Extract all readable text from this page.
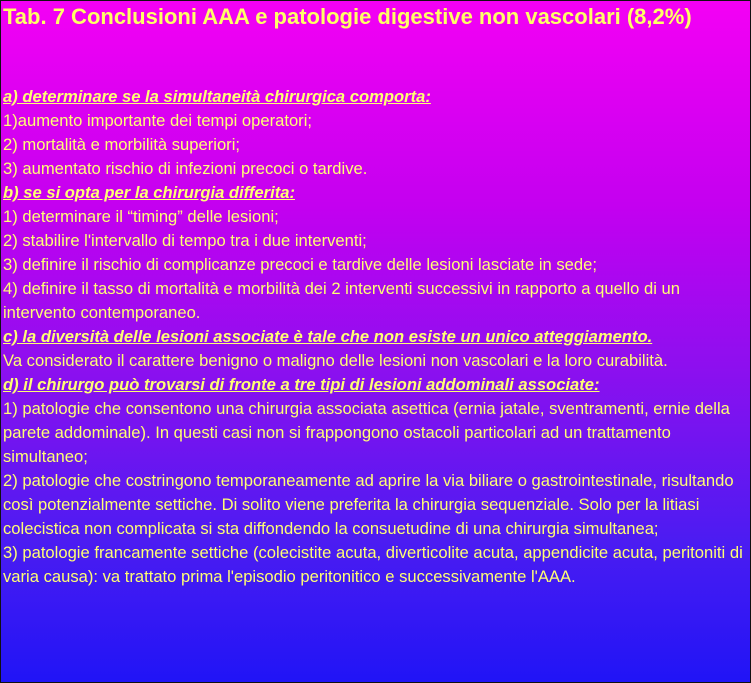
Tab. 7 Conclusioni AAA e patologie digestive non vascolari (8,2%)

a) determinare se la simultaneità chirurgica comporta:

1)aumento importante dei tempi operatori;

2) mortalità e morbilità superiori;

3) aumentato rischio di infezioni precoci o tardive.

b) se si opta per la chirurgia differita:

1) determinare il “timing” delle lesioni;

2) stabilire l'intervallo di tempo tra i due interventi;

3) definire il rischio di complicanze precoci e tardive delle lesioni lasciate in sede;

4) definire il tasso di mortalità e morbilità dei 2 interventi successivi in rapporto a quello di un intervento contemporaneo.

c) la diversità delle lesioni associate è tale che non esiste un unico atteggiamento.

Va considerato il carattere benigno o maligno delle lesioni non vascolari e la loro curabilità.

d) il chirurgo può trovarsi di fronte a tre tipi di lesioni addominali associate:

1) patologie che consentono una chirurgia associata asettica (ernia jatale, sventramenti, ernie della parete addominale). In questi casi non si frappongono ostacoli particolari ad un trattamento simultaneo;

2) patologie che costringono temporaneamente ad aprire la via biliare o gastrointestinale, risultando così potenzialmente settiche. Di solito viene preferita la chirurgia sequenziale. Solo per la litiasi colecistica non complicata si sta diffondendo la consuetudine di una chirurgia simultanea;

3) patologie francamente settiche (colecistite acuta, diverticolite acuta, appendicite acuta, peritoniti di varia causa): va trattato prima l'episodio peritonitico e successivamente l'AAA.
